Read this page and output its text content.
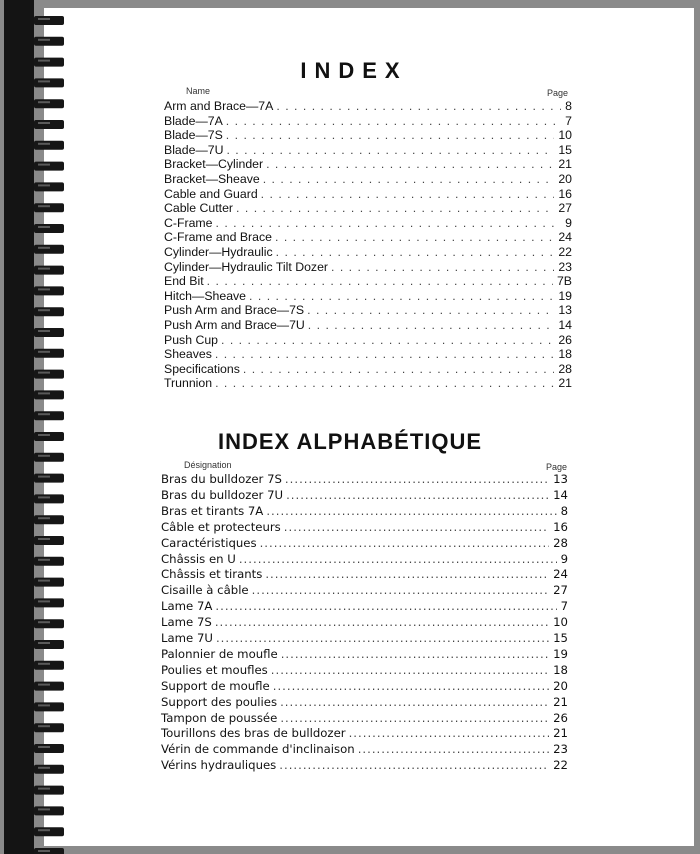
INDEX
Name	Page
Arm and Brace—7A . . .	8
Blade—7A . . .	7
Blade—7S . . .	10
Blade—7U . . .	15
Bracket—Cylinder . . .	21
Bracket—Sheave . . .	20
Cable and Guard . . .	16
Cable Cutter . . .	27
C-Frame . . .	9
C-Frame and Brace . . .	24
Cylinder—Hydraulic . . .	22
Cylinder—Hydraulic Tilt Dozer . . .	23
End Bit . . .	7B
Hitch—Sheave . . .	19
Push Arm and Brace—7S . . .	13
Push Arm and Brace—7U . . .	14
Push Cup . . .	26
Sheaves . . .	18
Specifications . . .	28
Trunnion . . .	21
INDEX ALPHABÉTIQUE
Désignation	Page
Bras du bulldozer 7S .....	13
Bras du bulldozer 7U .....	14
Bras et tirants 7A .....	8
Câble et protecteurs .....	16
Caractéristiques .....	28
Châssis en U .....	9
Châssis et tirants .....	24
Cisaille à câble .....	27
Lame 7A .....	7
Lame 7S .....	10
Lame 7U .....	15
Palonnier de moufle .....	19
Poulies et moufles .....	18
Support de moufle .....	20
Support des poulies .....	21
Tampon de poussée .....	26
Tourillons des bras de bulldozer .....	21
Vérin de commande d'inclinaison .....	23
Vérins hydrauliques .....	22
